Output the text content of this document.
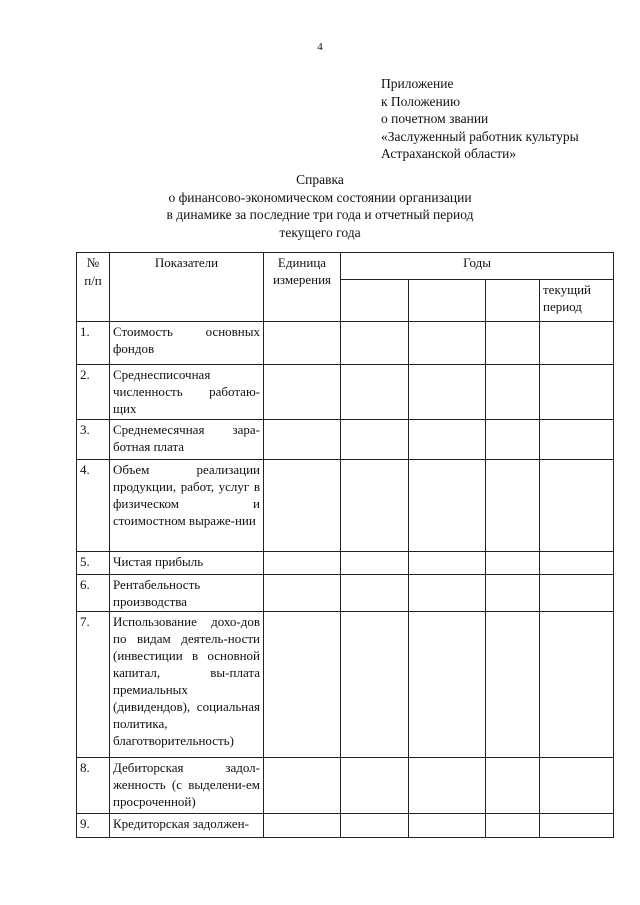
4
Приложение
к Положению
о почетном звании
«Заслуженный работник культуры
Астраханской области»
Справка
о финансово-экономическом состоянии организации
в динамике за последние три года и отчетный период
текущего года
№ п/п	Показатели	Единица измерения	Годы			
						текущий период
1.	Стоимость основных фондов					
2.	Среднесписочная численность работаю-щих					
3.	Среднемесячная зара-ботная плата					
4.	Объем реализации продукции, работ, услуг в физическом и стоимостном выраже-нии					
5.	Чистая прибыль					
6.	Рентабельность производства					
7.	Использование дохо-дов по видам деятель-ности (инвестиции в основной капитал, вы-плата премиальных (дивидендов), социальная политика, благотворительность)					
8.	Дебиторская задол-женность (с выделени-ем просроченной)					
9.	Кредиторская задолжен-					
